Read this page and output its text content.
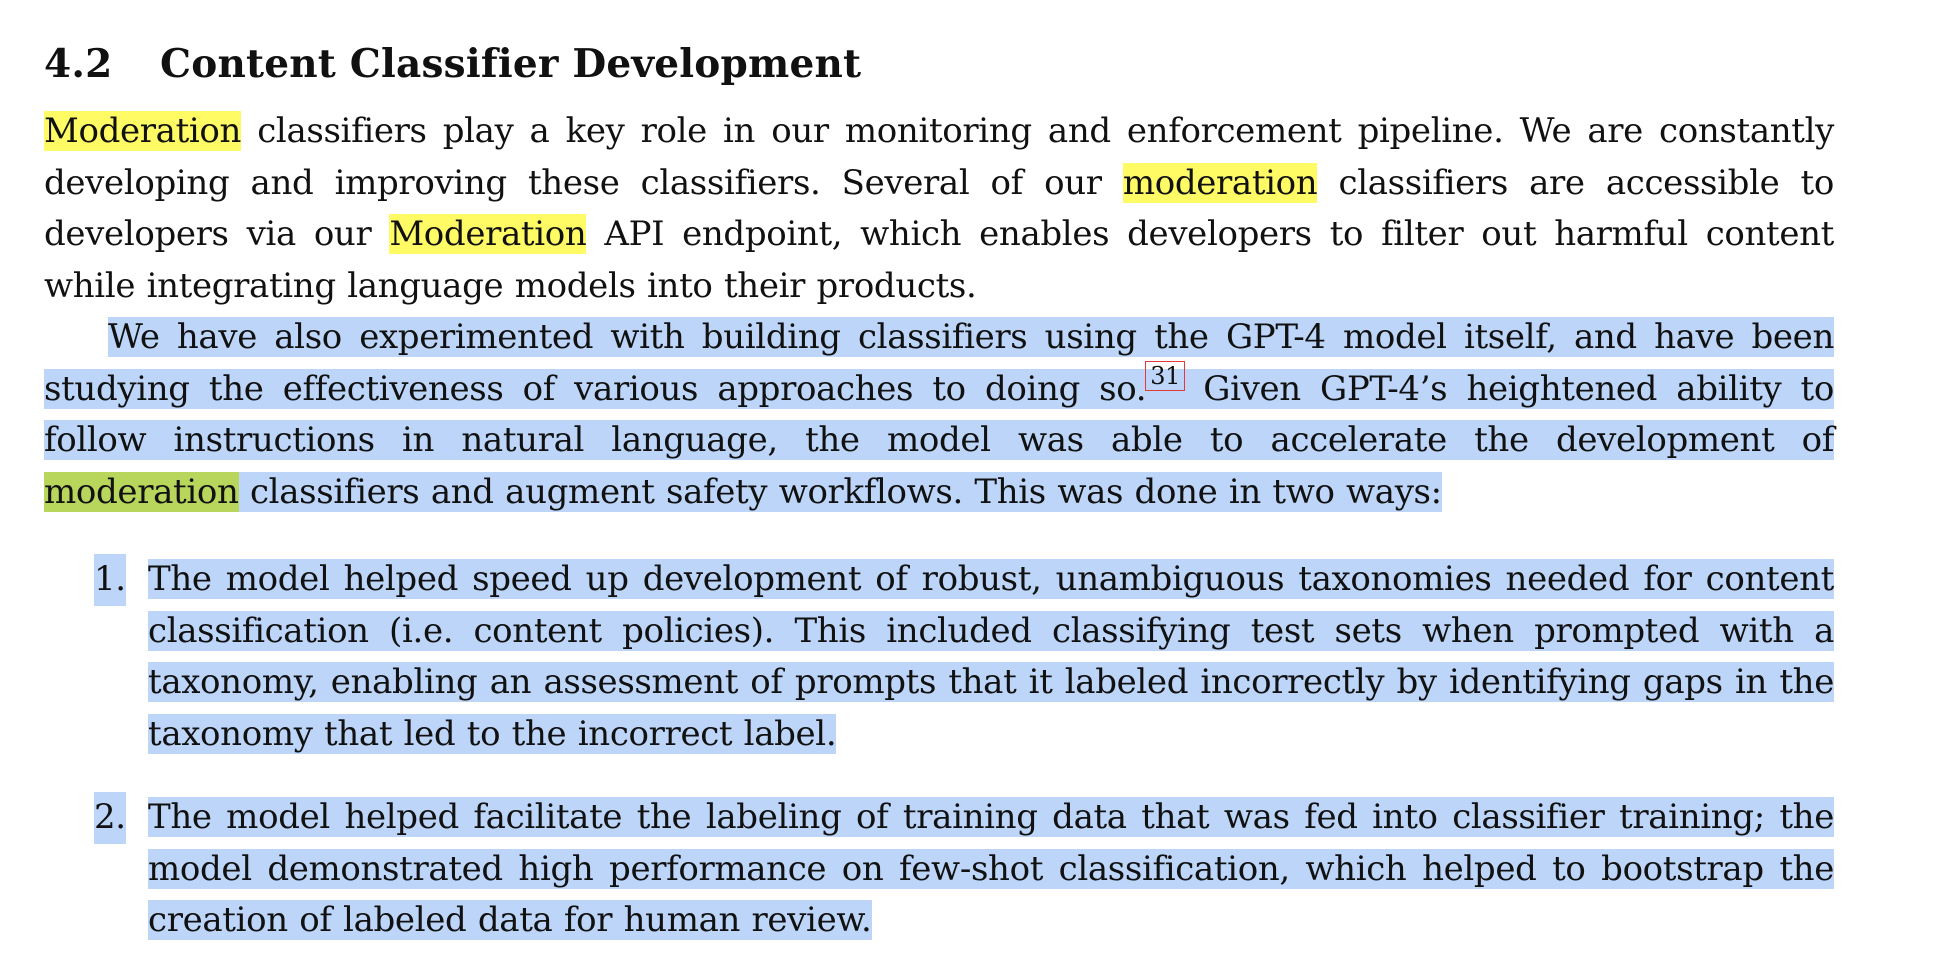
4.2 Content Classifier Development

Moderation classifiers play a key role in our monitoring and enforcement pipeline. We are constantly developing and improving these classifiers. Several of our moderation classifiers are accessible to developers via our Moderation API endpoint, which enables developers to filter out harmful content while integrating language models into their products.

We have also experimented with building classifiers using the GPT-4 model itself, and have been studying the effectiveness of various approaches to doing so. $^{31}$ Given GPT-4’s heightened ability to follow instructions in natural language, the model was able to accelerate the development of moderation classifiers and augment safety workflows. This was done in two ways:

1. The model helped speed up development of robust, unambiguous taxonomies needed for content classification (i.e. content policies). This included classifying test sets when prompted with a taxonomy, enabling an assessment of prompts that it labeled incorrectly by identifying gaps in the taxonomy that led to the incorrect label.
2. The model helped facilitate the labeling of training data that was fed into classifier training; the model demonstrated high performance on few-shot classification, which helped to bootstrap the creation of labeled data for human review.
